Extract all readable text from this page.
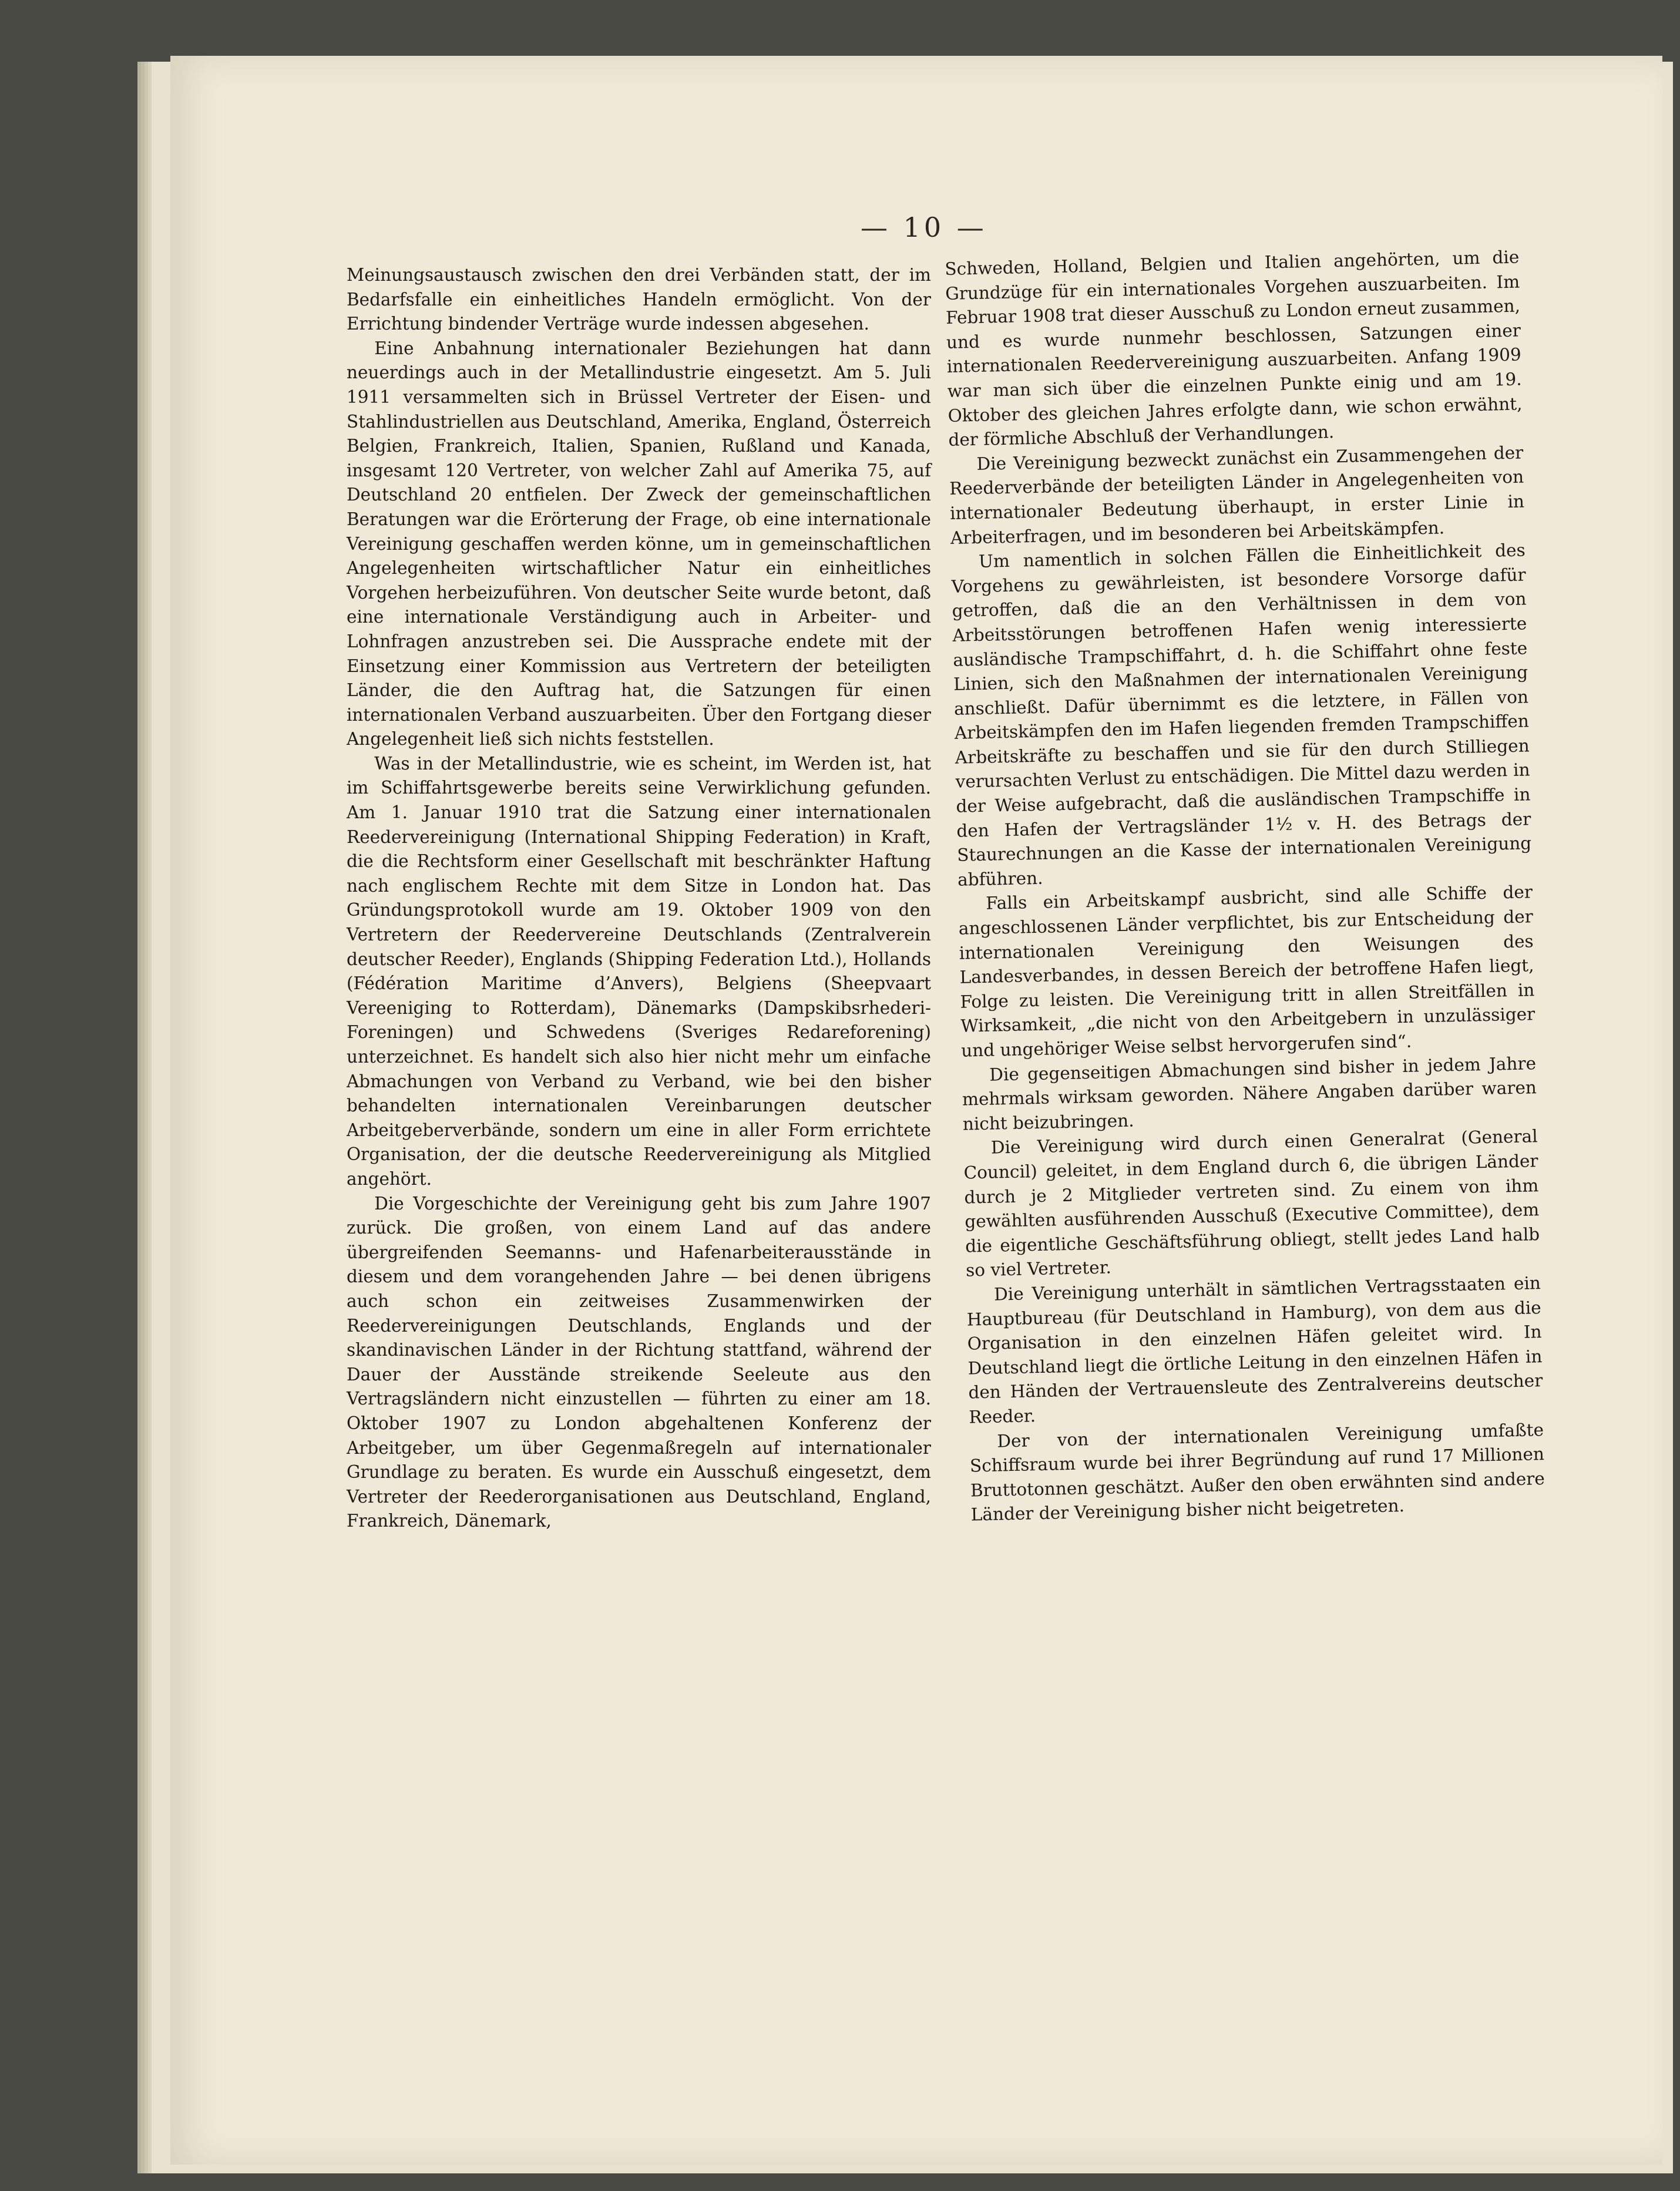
— 10 —

Meinungsaustausch zwischen den drei Verbänden statt, der im Bedarfsfalle ein einheitliches Handeln ermöglicht. Von der Errichtung bindender Verträge wurde indessen abgesehen.

Eine Anbahnung internationaler Beziehungen hat dann neuerdings auch in der Metallindustrie eingesetzt. Am 5. Juli 1911 versammelten sich in Brüssel Vertreter der Eisen- und Stahlindustriellen aus Deutschland, Amerika, England, Österreich Belgien, Frankreich, Italien, Spanien, Rußland und Kanada, insgesamt 120 Vertreter, von welcher Zahl auf Amerika 75, auf Deutschland 20 entfielen. Der Zweck der gemeinschaftlichen Beratungen war die Erörterung der Frage, ob eine internationale Vereinigung geschaffen werden könne, um in gemeinschaftlichen Angelegenheiten wirtschaftlicher Natur ein einheitliches Vorgehen herbeizuführen. Von deutscher Seite wurde betont, daß eine internationale Verständigung auch in Arbeiter- und Lohnfragen anzustreben sei. Die Aussprache endete mit der Einsetzung einer Kommission aus Vertretern der beteiligten Länder, die den Auftrag hat, die Satzungen für einen internationalen Verband auszuarbeiten. Über den Fortgang dieser Angelegenheit ließ sich nichts feststellen.

Was in der Metallindustrie, wie es scheint, im Werden ist, hat im Schiffahrtsgewerbe bereits seine Verwirklichung gefunden. Am 1. Januar 1910 trat die Satzung einer internationalen Reedervereinigung (International Shipping Federation) in Kraft, die die Rechtsform einer Gesellschaft mit beschränkter Haftung nach englischem Rechte mit dem Sitze in London hat. Das Gründungsprotokoll wurde am 19. Oktober 1909 von den Vertretern der Reedervereine Deutschlands (Zentralverein deutscher Reeder), Englands (Shipping Federation Ltd.), Hollands (Fédération Maritime d’Anvers), Belgiens (Sheepvaart Vereeniging to Rotterdam), Dänemarks (Dampskibsrhederi-Foreningen) und Schwedens (Sveriges Redareforening) unterzeichnet. Es handelt sich also hier nicht mehr um einfache Abmachungen von Verband zu Verband, wie bei den bisher behandelten internationalen Vereinbarungen deutscher Arbeitgeberverbände, sondern um eine in aller Form errichtete Organisation, der die deutsche Reedervereinigung als Mitglied angehört.

Die Vorgeschichte der Vereinigung geht bis zum Jahre 1907 zurück. Die großen, von einem Land auf das andere übergreifenden Seemanns- und Hafenarbeiterausstände in diesem und dem vorangehenden Jahre — bei denen übrigens auch schon ein zeitweises Zusammenwirken der Reedervereinigungen Deutschlands, Englands und der skandinavischen Länder in der Richtung stattfand, während der Dauer der Ausstände streikende Seeleute aus den Vertragsländern nicht einzustellen — führten zu einer am 18. Oktober 1907 zu London abgehaltenen Konferenz der Arbeitgeber, um über Gegenmaßregeln auf internationaler Grundlage zu beraten. Es wurde ein Ausschuß eingesetzt, dem Vertreter der Reederorganisationen aus Deutschland, England, Frankreich, Dänemark,

Schweden, Holland, Belgien und Italien angehörten, um die Grundzüge für ein internationales Vorgehen auszuarbeiten. Im Februar 1908 trat dieser Ausschuß zu London erneut zusammen, und es wurde nunmehr beschlossen, Satzungen einer internationalen Reedervereinigung auszuarbeiten. Anfang 1909 war man sich über die einzelnen Punkte einig und am 19. Oktober des gleichen Jahres erfolgte dann, wie schon erwähnt, der förmliche Abschluß der Verhandlungen.

Die Vereinigung bezweckt zunächst ein Zusammengehen der Reederverbände der beteiligten Länder in Angelegenheiten von internationaler Bedeutung überhaupt, in erster Linie in Arbeiterfragen, und im besonderen bei Arbeitskämpfen.

Um namentlich in solchen Fällen die Einheitlichkeit des Vorgehens zu gewährleisten, ist besondere Vorsorge dafür getroffen, daß die an den Verhältnissen in dem von Arbeitsstörungen betroffenen Hafen wenig interessierte ausländische Trampschiffahrt, d. h. die Schiffahrt ohne feste Linien, sich den Maßnahmen der internationalen Vereinigung anschließt. Dafür übernimmt es die letztere, in Fällen von Arbeitskämpfen den im Hafen liegenden fremden Trampschiffen Arbeitskräfte zu beschaffen und sie für den durch Stilliegen verursachten Verlust zu entschädigen. Die Mittel dazu werden in der Weise aufgebracht, daß die ausländischen Trampschiffe in den Hafen der Vertragsländer 1½ v. H. des Betrags der Staurechnungen an die Kasse der internationalen Vereinigung abführen.

Falls ein Arbeitskampf ausbricht, sind alle Schiffe der angeschlossenen Länder verpflichtet, bis zur Entscheidung der internationalen Vereinigung den Weisungen des Landesverbandes, in dessen Bereich der betroffene Hafen liegt, Folge zu leisten. Die Vereinigung tritt in allen Streitfällen in Wirksamkeit, „die nicht von den Arbeitgebern in unzulässiger und ungehöriger Weise selbst hervorgerufen sind“.

Die gegenseitigen Abmachungen sind bisher in jedem Jahre mehrmals wirksam geworden. Nähere Angaben darüber waren nicht beizubringen.

Die Vereinigung wird durch einen Generalrat (General Council) geleitet, in dem England durch 6, die übrigen Länder durch je 2 Mitglieder vertreten sind. Zu einem von ihm gewählten ausführenden Ausschuß (Executive Committee), dem die eigentliche Geschäftsführung obliegt, stellt jedes Land halb so viel Vertreter.

Die Vereinigung unterhält in sämtlichen Vertragsstaaten ein Hauptbureau (für Deutschland in Hamburg), von dem aus die Organisation in den einzelnen Häfen geleitet wird. In Deutschland liegt die örtliche Leitung in den einzelnen Häfen in den Händen der Vertrauensleute des Zentralvereins deutscher Reeder.

Der von der internationalen Vereinigung umfaßte Schiffsraum wurde bei ihrer Begründung auf rund 17 Millionen Bruttotonnen geschätzt. Außer den oben erwähnten sind andere Länder der Vereinigung bisher nicht beigetreten.
